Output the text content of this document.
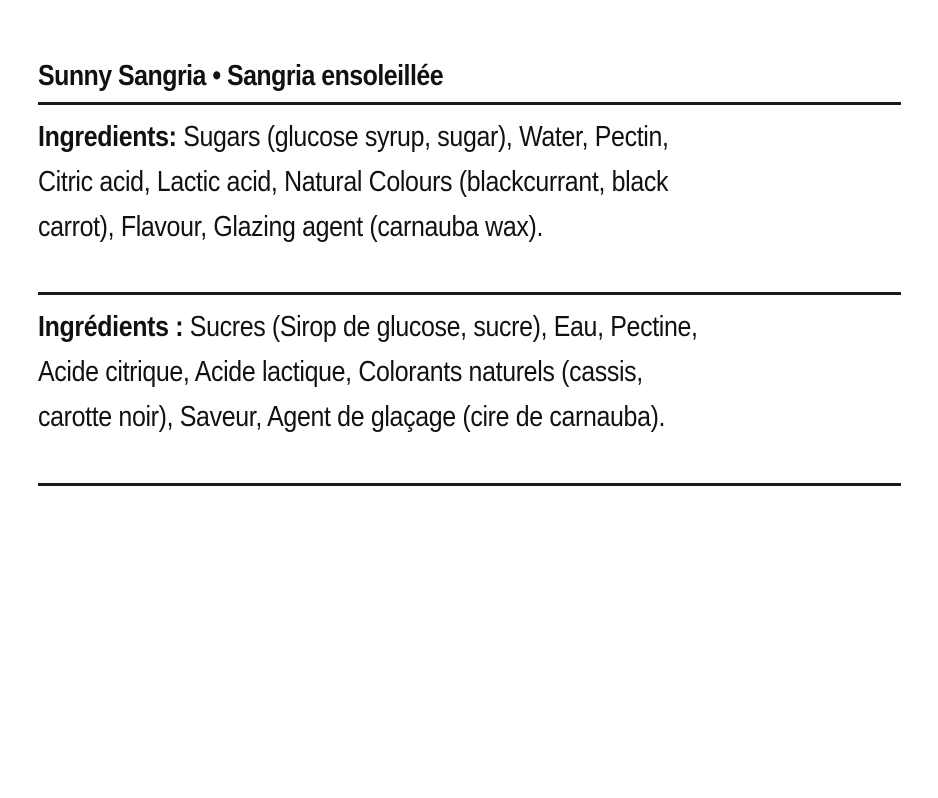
Sunny Sangria • Sangria ensoleillée

Ingredients: Sugars (glucose syrup, sugar), Water, Pectin,
Citric acid, Lactic acid, Natural Colours (blackcurrant, black
carrot), Flavour, Glazing agent (carnauba wax).

Ingrédients : Sucres (Sirop de glucose, sucre), Eau, Pectine,
Acide citrique, Acide lactique, Colorants naturels (cassis,
carotte noir), Saveur, Agent de glaçage (cire de carnauba).
